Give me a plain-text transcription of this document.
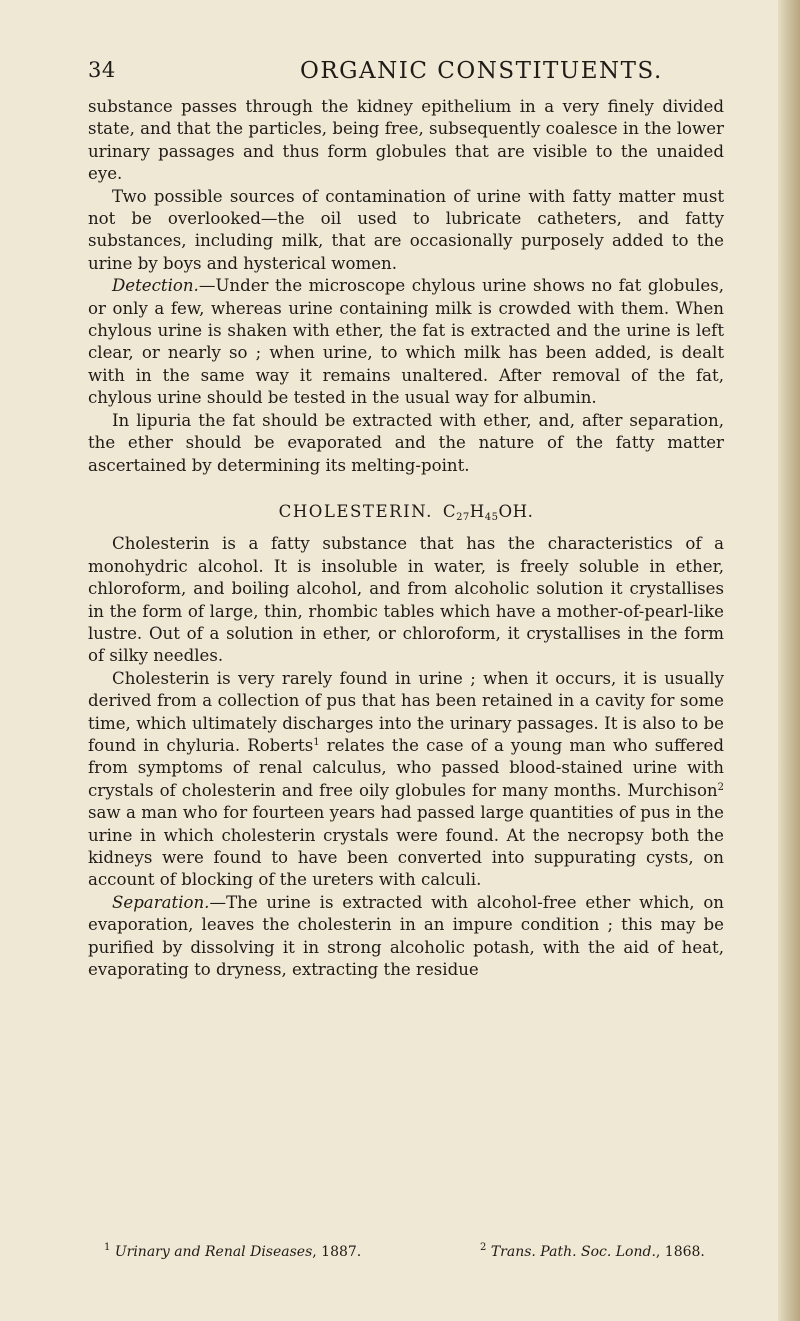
34	ORGANIC CONSTITUENTS.

substance passes through the kidney epithelium in a very finely divided state, and that the particles, being free, subsequently coalesce in the lower urinary passages and thus form globules that are visible to the unaided eye.

Two possible sources of contamination of urine with fatty matter must not be overlooked—the oil used to lubricate catheters, and fatty substances, including milk, that are occasionally purposely added to the urine by boys and hysterical women.

Detection.—Under the microscope chylous urine shows no fat globules, or only a few, whereas urine containing milk is crowded with them. When chylous urine is shaken with ether, the fat is extracted and the urine is left clear, or nearly so ; when urine, to which milk has been added, is dealt with in the same way it remains unaltered. After removal of the fat, chylous urine should be tested in the usual way for albumin.

In lipuria the fat should be extracted with ether, and, after separation, the ether should be evaporated and the nature of the fatty matter ascertained by determining its melting-point.

CHOLESTERIN. $C_{27}H_{45}OH$.

Cholesterin is a fatty substance that has the characteristics of a monohydric alcohol. It is insoluble in water, is freely soluble in ether, chloroform, and boiling alcohol, and from alcoholic solution it crystallises in the form of large, thin, rhombic tables which have a mother-of-pearl-like lustre. Out of a solution in ether, or chloroform, it crystallises in the form of silky needles.

Cholesterin is very rarely found in urine ; when it occurs, it is usually derived from a collection of pus that has been retained in a cavity for some time, which ultimately discharges into the urinary passages. It is also to be found in chyluria. Roberts$^1$ relates the case of a young man who suffered from symptoms of renal calculus, who passed blood-stained urine with crystals of cholesterin and free oily globules for many months. Murchison$^2$ saw a man who for fourteen years had passed large quantities of pus in the urine in which cholesterin crystals were found. At the necropsy both the kidneys were found to have been converted into suppurating cysts, on account of blocking of the ureters with calculi.

Separation.—The urine is extracted with alcohol-free ether which, on evaporation, leaves the cholesterin in an impure condition ; this may be purified by dissolving it in strong alcoholic potash, with the aid of heat, evaporating to dryness, extracting the residue

$^1$ Urinary and Renal Diseases, 1887.	$^2$ Trans. Path. Soc. Lond., 1868.
